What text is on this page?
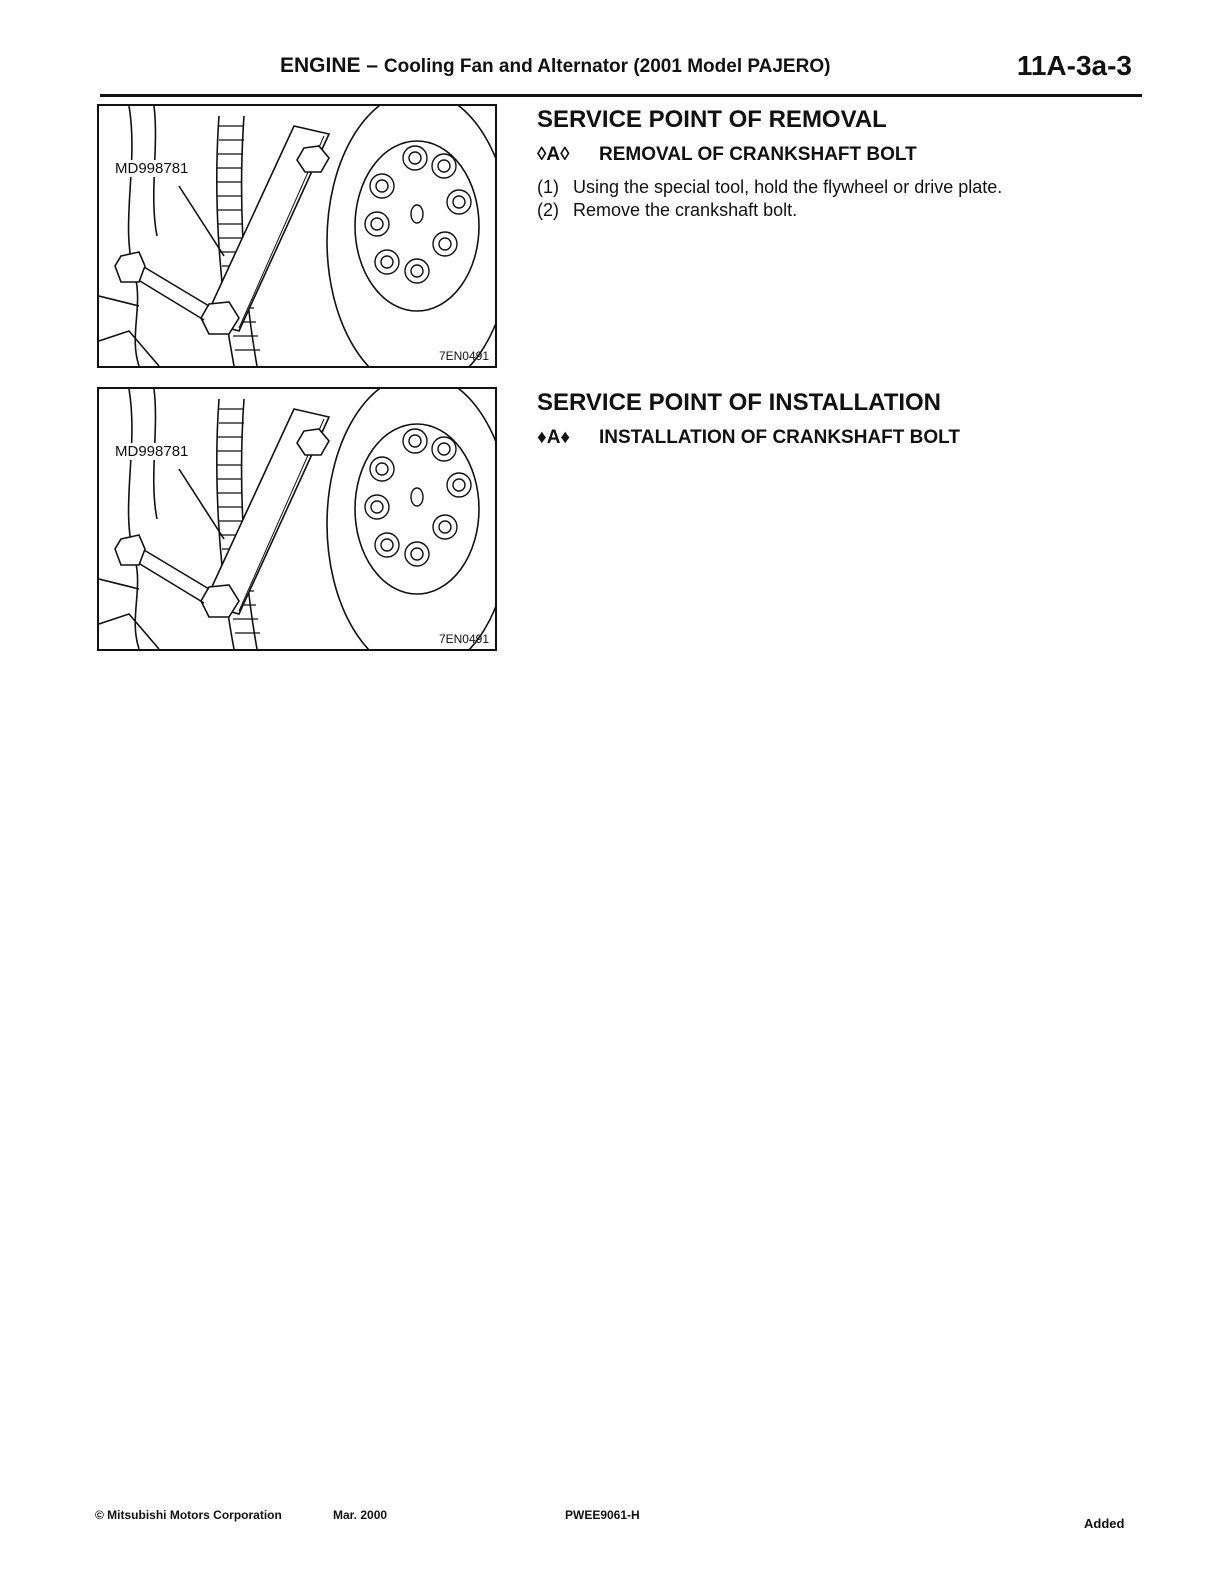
ENGINE – Cooling Fan and Alternator (2001 Model PAJERO)	11A-3a-3
MD998781
7EN0491
MD998781
7EN0491
SERVICE POINT OF REMOVAL
◊A◊ REMOVAL OF CRANKSHAFT BOLT
(1) Using the special tool, hold the flywheel or drive plate.
(2) Remove the crankshaft bolt.
SERVICE POINT OF INSTALLATION
♦A♦ INSTALLATION OF CRANKSHAFT BOLT
© Mitsubishi Motors Corporation	Mar. 2000	PWEE9061-H
Added
